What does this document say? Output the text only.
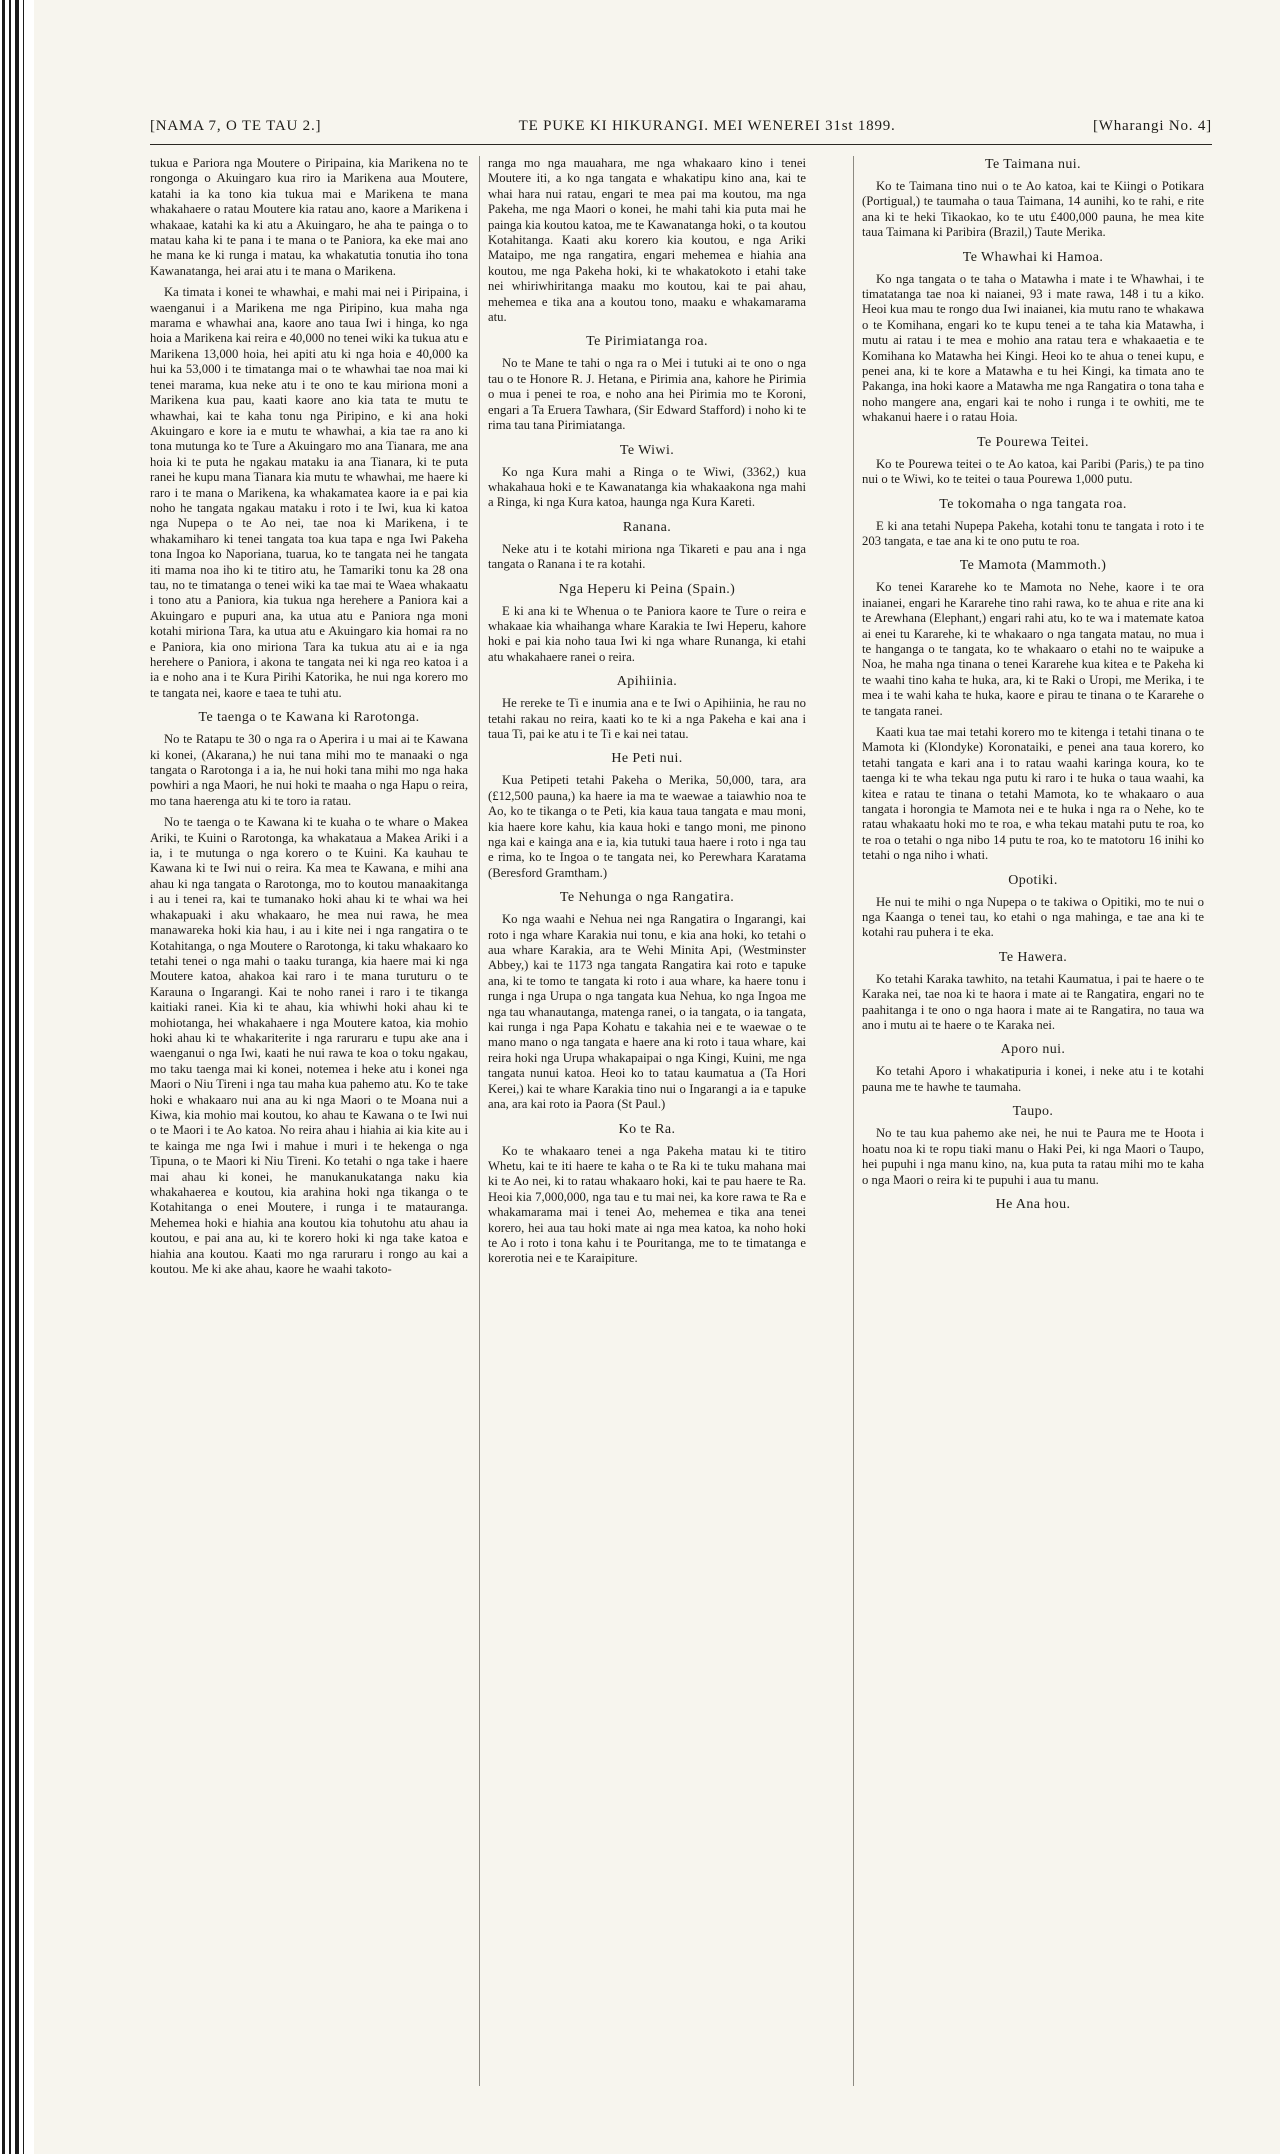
[NAMA 7, O TE TAU 2.]	TE PUKE KI HIKURANGI. MEI WENEREI 31st 1899.	[Wharangi No. 4]

tukua e Pariora nga Moutere o Piripaina, kia Marikena no te rongonga o Akuingaro kua riro ia Marikena aua Moutere, katahi ia ka tono kia tukua mai e Marikena te mana whakahaere o ratau Moutere kia ratau ano, kaore a Marikena i whakaae, katahi ka ki atu a Akuingaro, he aha te painga o to matau kaha ki te pana i te mana o te Paniora, ka eke mai ano he mana ke ki runga i matau, ka whakatutia tonutia iho tona Kawanatanga, hei arai atu i te mana o Marikena.

Ka timata i konei te whawhai, e mahi mai nei i Piripaina, i waenganui i a Marikena me nga Piripino, kua maha nga marama e whawhai ana, kaore ano taua Iwi i hinga, ko nga hoia a Marikena kai reira e 40,000 no tenei wiki ka tukua atu e Marikena 13,000 hoia, hei apiti atu ki nga hoia e 40,000 ka hui ka 53,000 i te timatanga mai o te whawhai tae noa mai ki tenei marama, kua neke atu i te ono te kau miriona moni a Marikena kua pau, kaati kaore ano kia tata te mutu te whawhai, kai te kaha tonu nga Piripino, e ki ana hoki Akuingaro e kore ia e mutu te whawhai, a kia tae ra ano ki tona mutunga ko te Ture a Akuingaro mo ana Tianara, me ana hoia ki te puta he ngakau mataku ia ana Tianara, ki te puta ranei he kupu mana Tianara kia mutu te whawhai, me haere ki raro i te mana o Marikena, ka whakamatea kaore ia e pai kia noho he tangata ngakau mataku i roto i te Iwi, kua ki katoa nga Nupepa o te Ao nei, tae noa ki Marikena, i te whakamiharo ki tenei tangata toa kua tapa e nga Iwi Pakeha tona Ingoa ko Naporiana, tuarua, ko te tangata nei he tangata iti mama noa iho ki te titiro atu, he Tamariki tonu ka 28 ona tau, no te timatanga o tenei wiki ka tae mai te Waea whakaatu i tono atu a Paniora, kia tukua nga herehere a Paniora kai a Akuingaro e pupuri ana, ka utua atu e Paniora nga moni kotahi miriona Tara, ka utua atu e Akuingaro kia homai ra no e Paniora, kia ono miriona Tara ka tukua atu ai e ia nga herehere o Paniora, i akona te tangata nei ki nga reo katoa i a ia e noho ana i te Kura Pirihi Katorika, he nui nga korero mo te tangata nei, kaore e taea te tuhi atu.

Te taenga o te Kawana ki Rarotonga.

No te Ratapu te 30 o nga ra o Aperira i u mai ai te Kawana ki konei, (Akarana,) he nui tana mihi mo te manaaki o nga tangata o Rarotonga i a ia, he nui hoki tana mihi mo nga haka powhiri a nga Maori, he nui hoki te maaha o nga Hapu o reira, mo tana haerenga atu ki te toro ia ratau.

No te taenga o te Kawana ki te kuaha o te whare o Makea Ariki, te Kuini o Rarotonga, ka whakataua a Makea Ariki i a ia, i te mutunga o nga korero o te Kuini. Ka kauhau te Kawana ki te Iwi nui o reira. Ka mea te Kawana, e mihi ana ahau ki nga tangata o Rarotonga, mo to koutou manaakitanga i au i tenei ra, kai te tumanako hoki ahau ki te whai wa hei whakapuaki i aku whakaaro, he mea nui rawa, he mea manawareka hoki kia hau, i au i kite nei i nga rangatira o te Kotahitanga, o nga Moutere o Rarotonga, ki taku whakaaro ko tetahi tenei o nga mahi o taaku turanga, kia haere mai ki nga Moutere katoa, ahakoa kai raro i te mana turuturu o te Karauna o Ingarangi. Kai te noho ranei i raro i te tikanga kaitiaki ranei. Kia ki te ahau, kia whiwhi hoki ahau ki te mohiotanga, hei whakahaere i nga Moutere katoa, kia mohio hoki ahau ki te whakariterite i nga raruraru e tupu ake ana i waenganui o nga Iwi, kaati he nui rawa te koa o toku ngakau, mo taku taenga mai ki konei, notemea i heke atu i konei nga Maori o Niu Tireni i nga tau maha kua pahemo atu. Ko te take hoki e whakaaro nui ana au ki nga Maori o te Moana nui a Kiwa, kia mohio mai koutou, ko ahau te Kawana o te Iwi nui o te Maori i te Ao katoa. No reira ahau i hiahia ai kia kite au i te kainga me nga Iwi i mahue i muri i te hekenga o nga Tipuna, o te Maori ki Niu Tireni. Ko tetahi o nga take i haere mai ahau ki konei, he manukanukatanga naku kia whakahaerea e koutou, kia arahina hoki nga tikanga o te Kotahitanga o enei Moutere, i runga i te matauranga. Mehemea hoki e hiahia ana koutou kia tohutohu atu ahau ia koutou, e pai ana au, ki te korero hoki ki nga take katoa e hiahia ana koutou. Kaati mo nga raruraru i rongo au kai a koutou. Me ki ake ahau, kaore he waahi takoto-

ranga mo nga mauahara, me nga whakaaro kino i tenei Moutere iti, a ko nga tangata e whakatipu kino ana, kai te whai hara nui ratau, engari te mea pai ma koutou, ma nga Pakeha, me nga Maori o konei, he mahi tahi kia puta mai he painga kia koutou katoa, me te Kawanatanga hoki, o ta koutou Kotahitanga. Kaati aku korero kia koutou, e nga Ariki Mataipo, me nga rangatira, engari mehemea e hiahia ana koutou, me nga Pakeha hoki, ki te whakatokoto i etahi take nei whiriwhiritanga maaku mo koutou, kai te pai ahau, mehemea e tika ana a koutou tono, maaku e whakamarama atu.

Te Pirimiatanga roa.

No te Mane te tahi o nga ra o Mei i tutuki ai te ono o nga tau o te Honore R. J. Hetana, e Pirimia ana, kahore he Pirimia o mua i penei te roa, e noho ana hei Pirimia mo te Koroni, engari a Ta Eruera Tawhara, (Sir Edward Stafford) i noho ki te rima tau tana Pirimiatanga.

Te Wiwi.

Ko nga Kura mahi a Ringa o te Wiwi, (3362,) kua whakahaua hoki e te Kawanatanga kia whakaakona nga mahi a Ringa, ki nga Kura katoa, haunga nga Kura Kareti.

Ranana.

Neke atu i te kotahi miriona nga Tikareti e pau ana i nga tangata o Ranana i te ra kotahi.

Nga Heperu ki Peina (Spain.)

E ki ana ki te Whenua o te Paniora kaore te Ture o reira e whakaae kia whaihanga whare Karakia te Iwi Heperu, kahore hoki e pai kia noho taua Iwi ki nga whare Runanga, ki etahi atu whakahaere ranei o reira.

Apihiinia.

He rereke te Ti e inumia ana e te Iwi o Apihiinia, he rau no tetahi rakau no reira, kaati ko te ki a nga Pakeha e kai ana i taua Ti, pai ke atu i te Ti e kai nei tatau.

He Peti nui.

Kua Petipeti tetahi Pakeha o Merika, 50,000, tara, ara (£12,500 pauna,) ka haere ia ma te waewae a taiawhio noa te Ao, ko te tikanga o te Peti, kia kaua taua tangata e mau moni, kia haere kore kahu, kia kaua hoki e tango moni, me pinono nga kai e kainga ana e ia, kia tutuki taua haere i roto i nga tau e rima, ko te Ingoa o te tangata nei, ko Perewhara Karatama (Beresford Gramtham.)

Te Nehunga o nga Rangatira.

Ko nga waahi e Nehua nei nga Rangatira o Ingarangi, kai roto i nga whare Karakia nui tonu, e kia ana hoki, ko tetahi o aua whare Karakia, ara te Wehi Minita Api, (Westminster Abbey,) kai te 1173 nga tangata Rangatira kai roto e tapuke ana, ki te tomo te tangata ki roto i aua whare, ka haere tonu i runga i nga Urupa o nga tangata kua Nehua, ko nga Ingoa me nga tau whanautanga, matenga ranei, o ia tangata, o ia tangata, kai runga i nga Papa Kohatu e takahia nei e te waewae o te mano mano o nga tangata e haere ana ki roto i taua whare, kai reira hoki nga Urupa whakapaipai o nga Kingi, Kuini, me nga tangata nunui katoa. Heoi ko to tatau kaumatua a (Ta Hori Kerei,) kai te whare Karakia tino nui o Ingarangi a ia e tapuke ana, ara kai roto ia Paora (St Paul.)

Ko te Ra.

Ko te whakaaro tenei a nga Pakeha matau ki te titiro Whetu, kai te iti haere te kaha o te Ra ki te tuku mahana mai ki te Ao nei, ki to ratau whakaaro hoki, kai te pau haere te Ra. Heoi kia 7,000,000, nga tau e tu mai nei, ka kore rawa te Ra e whakamarama mai i tenei Ao, mehemea e tika ana tenei korero, hei aua tau hoki mate ai nga mea katoa, ka noho hoki te Ao i roto i tona kahu i te Pouritanga, me to te timatanga e korerotia nei e te Karaipiture.

Te Taimana nui.

Ko te Taimana tino nui o te Ao katoa, kai te Kiingi o Potikara (Portigual,) te taumaha o taua Taimana, 14 aunihi, ko te rahi, e rite ana ki te heki Tikaokao, ko te utu £400,000 pauna, he mea kite taua Taimana ki Paribira (Brazil,) Taute Merika.

Te Whawhai ki Hamoa.

Ko nga tangata o te taha o Matawha i mate i te Whawhai, i te timatatanga tae noa ki naianei, 93 i mate rawa, 148 i tu a kiko. Heoi kua mau te rongo dua Iwi inaianei, kia mutu rano te whakawa o te Komihana, engari ko te kupu tenei a te taha kia Matawha, i mutu ai ratau i te mea e mohio ana ratau tera e whakaaetia e te Komihana ko Matawha hei Kingi. Heoi ko te ahua o tenei kupu, e penei ana, ki te kore a Matawha e tu hei Kingi, ka timata ano te Pakanga, ina hoki kaore a Matawha me nga Rangatira o tona taha e noho mangere ana, engari kai te noho i runga i te owhiti, me te whakanui haere i o ratau Hoia.

Te Pourewa Teitei.

Ko te Pourewa teitei o te Ao katoa, kai Paribi (Paris,) te pa tino nui o te Wiwi, ko te teitei o taua Pourewa 1,000 putu.

Te tokomaha o nga tangata roa.

E ki ana tetahi Nupepa Pakeha, kotahi tonu te tangata i roto i te 203 tangata, e tae ana ki te ono putu te roa.

Te Mamota (Mammoth.)

Ko tenei Kararehe ko te Mamota no Nehe, kaore i te ora inaianei, engari he Kararehe tino rahi rawa, ko te ahua e rite ana ki te Arewhana (Elephant,) engari rahi atu, ko te wa i matemate katoa ai enei tu Kararehe, ki te whakaaro o nga tangata matau, no mua i te hanganga o te tangata, ko te whakaaro o etahi no te waipuke a Noa, he maha nga tinana o tenei Kararehe kua kitea e te Pakeha ki te waahi tino kaha te huka, ara, ki te Raki o Uropi, me Merika, i te mea i te wahi kaha te huka, kaore e pirau te tinana o te Kararehe o te tangata ranei.

Kaati kua tae mai tetahi korero mo te kitenga i tetahi tinana o te Mamota ki (Klondyke) Koronataiki, e penei ana taua korero, ko tetahi tangata e kari ana i to ratau waahi karinga koura, ko te taenga ki te wha tekau nga putu ki raro i te huka o taua waahi, ka kitea e ratau te tinana o tetahi Mamota, ko te whakaaro o aua tangata i horongia te Mamota nei e te huka i nga ra o Nehe, ko te ratau whakaatu hoki mo te roa, e wha tekau matahi putu te roa, ko te roa o tetahi o nga nibo 14 putu te roa, ko te matotoru 16 inihi ko tetahi o nga niho i whati.

Opotiki.

He nui te mihi o nga Nupepa o te takiwa o Opitiki, mo te nui o nga Kaanga o tenei tau, ko etahi o nga mahinga, e tae ana ki te kotahi rau puhera i te eka.

Te Hawera.

Ko tetahi Karaka tawhito, na tetahi Kaumatua, i pai te haere o te Karaka nei, tae noa ki te haora i mate ai te Rangatira, engari no te paahitanga i te ono o nga haora i mate ai te Rangatira, no taua wa ano i mutu ai te haere o te Karaka nei.

Aporo nui.

Ko tetahi Aporo i whakatipuria i konei, i neke atu i te kotahi pauna me te hawhe te taumaha.

Taupo.

No te tau kua pahemo ake nei, he nui te Paura me te Hoota i hoatu noa ki te ropu tiaki manu o Haki Pei, ki nga Maori o Taupo, hei pupuhi i nga manu kino, na, kua puta ta ratau mihi mo te kaha o nga Maori o reira ki te pupuhi i aua tu manu.

He Ana hou.
